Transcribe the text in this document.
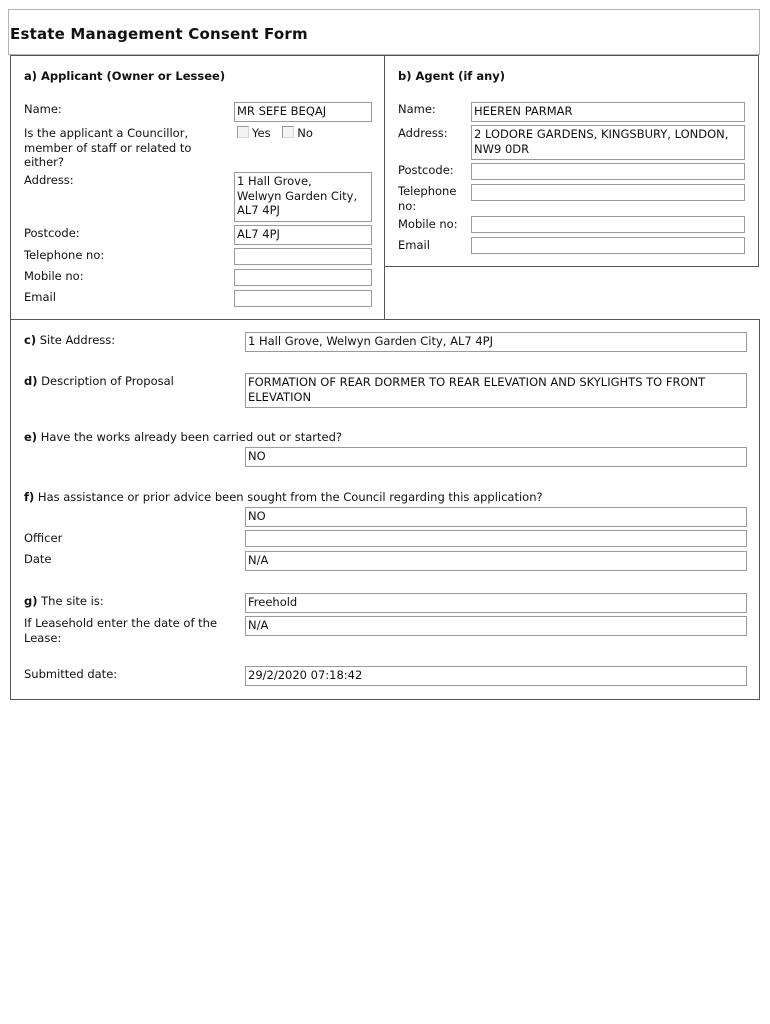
Estate Management Consent Form
a) Applicant (Owner or Lessee)
Name:	MR SEFE BEQAJ
Is the applicant a Councillor, member of staff or related to either?
Yes No
Address:	1 Hall Grove,
Welwyn Garden City, AL7 4PJ
Postcode:	AL7 4PJ
Telephone no:
Mobile no:
Email
b) Agent (if any)
Name:	HEEREN PARMAR
Address: 2 LODORE GARDENS, KINGSBURY, LONDON, NW9 0DR
Postcode:
Telephone no:
Mobile no:
Email
c) Site Address:	1 Hall Grove, Welwyn Garden City, AL7 4PJ
d) Description of Proposal	FORMATION OF REAR DORMER TO REAR ELEVATION AND SKYLIGHTS TO FRONT ELEVATION
e) Have the works already been carried out or started?
NO
f) Has assistance or prior advice been sought from the Council regarding this application?
NO
Officer
Date	N/A
g) The site is:	Freehold
If Leasehold enter the date of the Lease:
N/A
Submitted date:	29/2/2020 07:18:42
